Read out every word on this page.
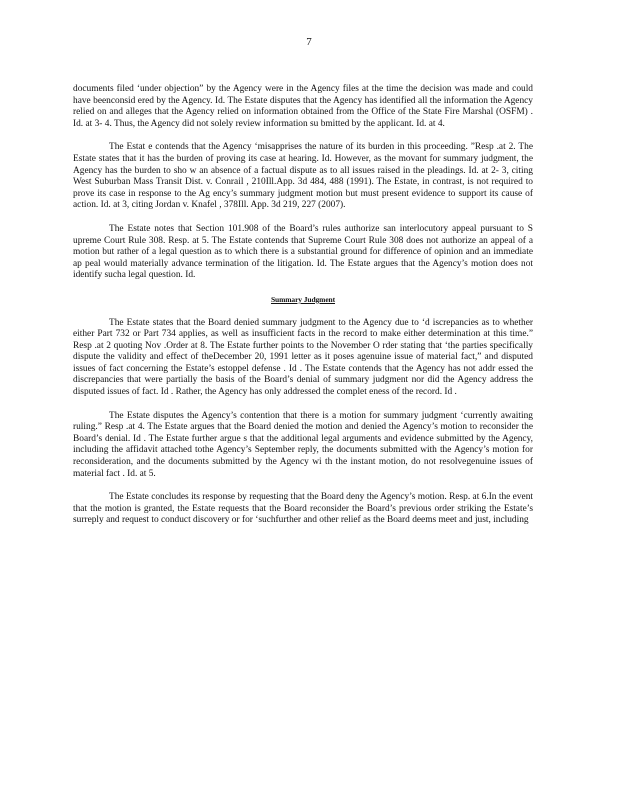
7

documents filed ‘under objection” by the Agency were in the Agency files at the time the decision was made and could have beenconsid ered by the Agency. Id. The Estate disputes that the Agency has identified all the information the Agency relied on and alleges that the Agency relied on information obtained from the Office of the State Fire Marshal (OSFM) . Id. at 3- 4. Thus, the Agency did not solely review information su bmitted by the applicant. Id. at 4.

The Estat e contends that the Agency ‘misapprises the nature of its burden in this proceeding. ”Resp .at 2. The Estate states that it has the burden of proving its case at hearing. Id. However, as the movant for summary judgment, the Agency has the burden to sho w an absence of a factual dispute as to all issues raised in the pleadings. Id. at 2- 3, citing West Suburban Mass Transit Dist. v. Conrail , 210Ill.App. 3d 484, 488 (1991). The Estate, in contrast, is not required to prove its case in response to the Ag ency’s summary judgment motion but must present evidence to support its cause of action. Id. at 3, citing Jordan v. Knafel , 378Ill. App. 3d 219, 227 (2007).

The Estate notes that Section 101.908 of the Board’s rules authorize san interlocutory appeal pursuant to S upreme Court Rule 308. Resp. at 5. The Estate contends that Supreme Court Rule 308 does not authorize an appeal of a motion but rather of a legal question as to which there is a substantial ground for difference of opinion and an immediate ap peal would materially advance termination of the litigation. Id. The Estate argues that the Agency’s motion does not identify sucha legal question. Id.

Summary Judgment

The Estate states that the Board denied summary judgment to the Agency due to ‘d iscrepancies as to whether either Part 732 or Part 734 applies, as well as insufficient facts in the record to make either determination at this time.” Resp .at 2 quoting Nov .Order at 8. The Estate further points to the November O rder stating that ‘the parties specifically dispute the validity and effect of theDecember 20, 1991 letter as it poses agenuine issue of material fact,” and disputed issues of fact concerning the Estate’s estoppel defense . Id . The Estate contends that the Agency has not addr essed the discrepancies that were partially the basis of the Board’s denial of summary judgment nor did the Agency address the disputed issues of fact. Id . Rather, the Agency has only addressed the complet eness of the record. Id .

The Estate disputes the Agency’s contention that there is a motion for summary judgment ‘currently awaiting ruling.” Resp .at 4. The Estate argues that the Board denied the motion and denied the Agency’s motion to reconsider the Board’s denial. Id . The Estate further argue s that the additional legal arguments and evidence submitted by the Agency, including the affidavit attached tothe Agency’s September reply, the documents submitted with the Agency’s motion for reconsideration, and the documents submitted by the Agency wi th the instant motion, do not resolvegenuine issues of material fact . Id. at 5.

The Estate concludes its response by requesting that the Board deny the Agency’s motion. Resp. at 6.In the event that the motion is granted, the Estate requests that the Board reconsider the Board’s previous order striking the Estate’s surreply and request to conduct discovery or for ‘suchfurther and other relief as the Board deems meet and just, including
